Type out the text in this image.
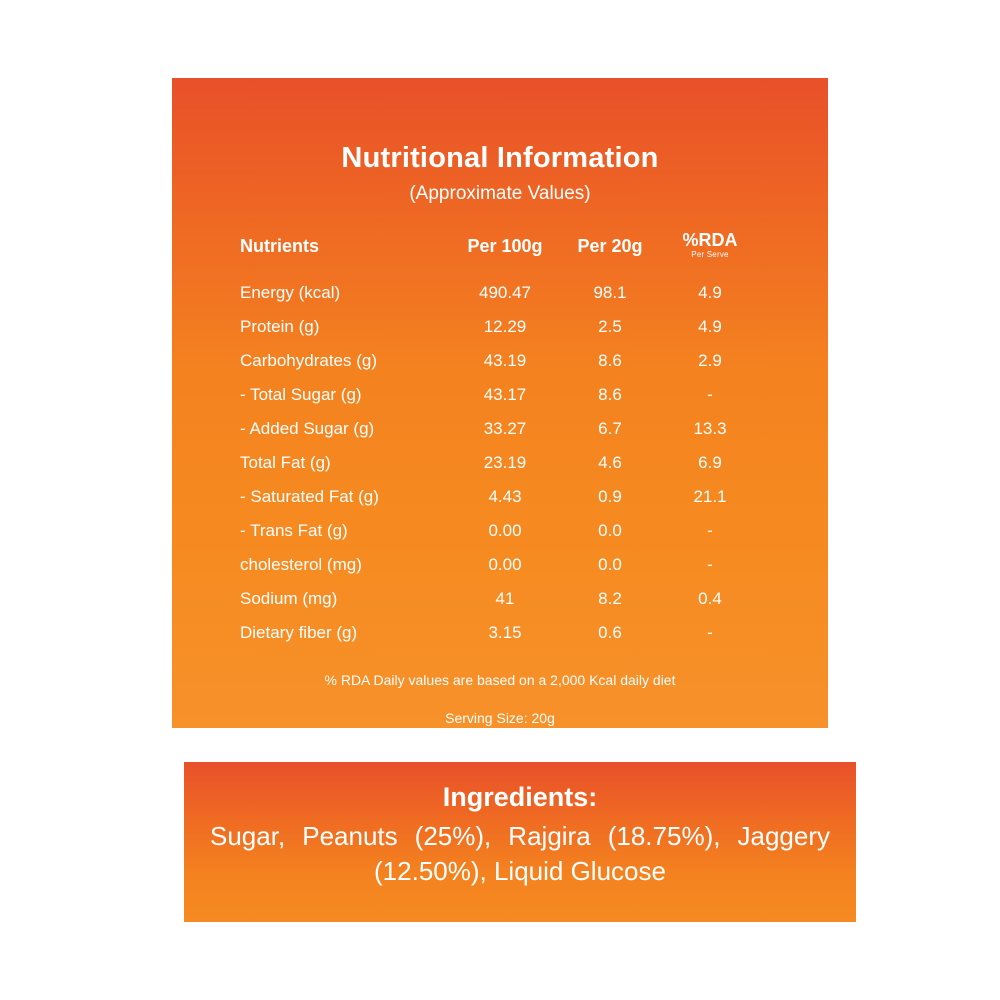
Nutritional Information
(Approximate Values)
Nutrients	Per 100g	Per 20g	%RDA
Per Serve

Energy (kcal)	490.47	98.1	4.9
Protein (g)	12.29	2.5	4.9
Carbohydrates (g)	43.19	8.6	2.9
- Total Sugar (g)	43.17	8.6	-
- Added Sugar (g)	33.27	6.7	13.3
Total Fat (g)	23.19	4.6	6.9
- Saturated Fat (g)	4.43	0.9	21.1
- Trans Fat (g)	0.00	0.0	-
cholesterol (mg)	0.00	0.0	-
Sodium (mg)	41	8.2	0.4
Dietary fiber (g)	3.15	0.6	-
% RDA Daily values are based on a 2,000 Kcal daily diet
Serving Size: 20g
Ingredients:
Sugar, Peanuts (25%), Rajgira (18.75%), Jaggery (12.50%), Liquid Glucose
